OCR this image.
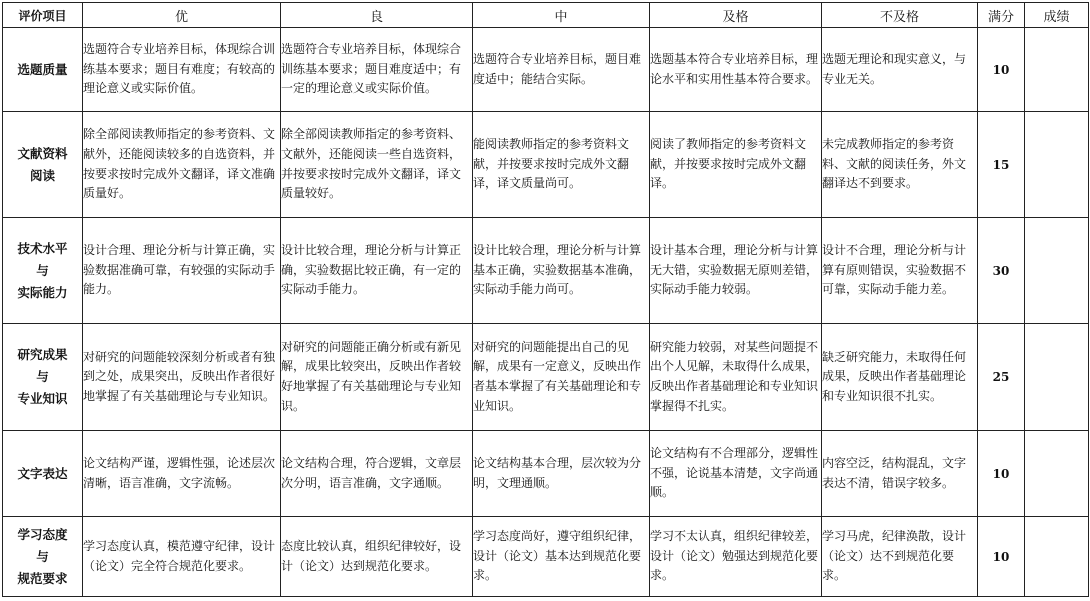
评价项目	优	良	中	及格	不及格	满分	成绩

选题质量	选题符合专业培养目标，体现综合训练基本要求；题目有难度；有较高的理论意义或实际价值。	选题符合专业培养目标，体现综合训练基本要求；题目难度适中；有一定的理论意义或实际价值。	选题符合专业培养目标，题目难度适中；能结合实际。	选题基本符合专业培养目标，理论水平和实用性基本符合要求。	选题无理论和现实意义，与专业无关。	10	

文献资料
阅读	除全部阅读教师指定的参考资料、文献外，还能阅读较多的自选资料，并按要求按时完成外文翻译，译文准确质量好。	除全部阅读教师指定的参考资料、文献外，还能阅读一些自选资料，并按要求按时完成外文翻译，译文质量较好。	能阅读教师指定的参考资料文献，并按要求按时完成外文翻译，译文质量尚可。	阅读了教师指定的参考资料文献，并按要求按时完成外文翻译。	未完成教师指定的参考资料、文献的阅读任务，外文翻译达不到要求。	15	

技术水平
与
实际能力	设计合理、理论分析与计算正确，实验数据准确可靠，有较强的实际动手能力。	设计比较合理，理论分析与计算正确，实验数据比较正确，有一定的实际动手能力。	设计比较合理，理论分析与计算基本正确，实验数据基本准确，实际动手能力尚可。	设计基本合理，理论分析与计算无大错，实验数据无原则差错，实际动手能力较弱。	设计不合理，理论分析与计算有原则错误，实验数据不可靠，实际动手能力差。	30	

研究成果
与
专业知识	对研究的问题能较深刻分析或者有独到之处，成果突出，反映出作者很好地掌握了有关基础理论与专业知识。	对研究的问题能正确分析或有新见解，成果比较突出，反映出作者较好地掌握了有关基础理论与专业知识。	对研究的问题能提出自己的见解，成果有一定意义，反映出作者基本掌握了有关基础理论和专业知识。	研究能力较弱，对某些问题提不出个人见解，未取得什么成果，反映出作者基础理论和专业知识掌握得不扎实。	缺乏研究能力，未取得任何成果，反映出作者基础理论和专业知识很不扎实。	25	

文字表达	论文结构严谨，逻辑性强，论述层次清晰，语言准确，文字流畅。	论文结构合理，符合逻辑，文章层次分明，语言准确，文字通顺。	论文结构基本合理，层次较为分明，文理通顺。	论文结构有不合理部分，逻辑性不强，论说基本清楚，文字尚通顺。	内容空泛，结构混乱，文字表达不清，错误字较多。	10	

学习态度
与
规范要求	学习态度认真，模范遵守纪律，设计（论文）完全符合规范化要求。	态度比较认真，组织纪律较好，设计（论文）达到规范化要求。	学习态度尚好，遵守组织纪律，设计（论文）基本达到规范化要求。	学习不太认真，组织纪律较差，设计（论文）勉强达到规范化要求。	学习马虎，纪律涣散，设计（论文）达不到规范化要求。	10	
